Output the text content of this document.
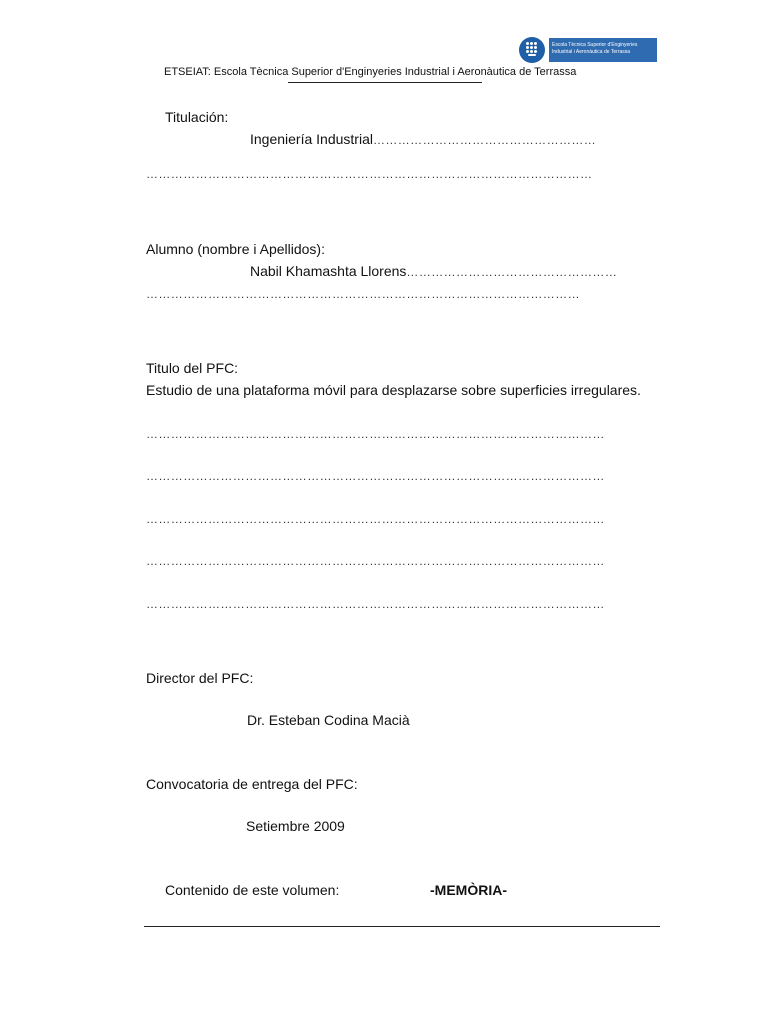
Escola Tècnica Superior d'Enginyeries
Industrial i Aeronàutica de Terrassa
ETSEIAT: Escola Tècnica Superior d'Enginyeries Industrial i Aeronàutica de Terrassa
Titulación:
Ingeniería Industrial………………………………………………
………………………………………………………………………………………………
Alumno (nombre i Apellidos):
Nabil Khamashta Llorens……………………………………………
……………………………………………………………………………………………
Titulo del PFC:
Estudio de una plataforma móvil para desplazarse sobre superficies irregulares.
…………………………………………………………………………………………………
…………………………………………………………………………………………………
…………………………………………………………………………………………………
…………………………………………………………………………………………………
…………………………………………………………………………………………………
Director del PFC:
Dr. Esteban Codina Macià
Convocatoria de entrega del PFC:
Setiembre 2009
Contenido de este volumen:	-MEMÒRIA-
